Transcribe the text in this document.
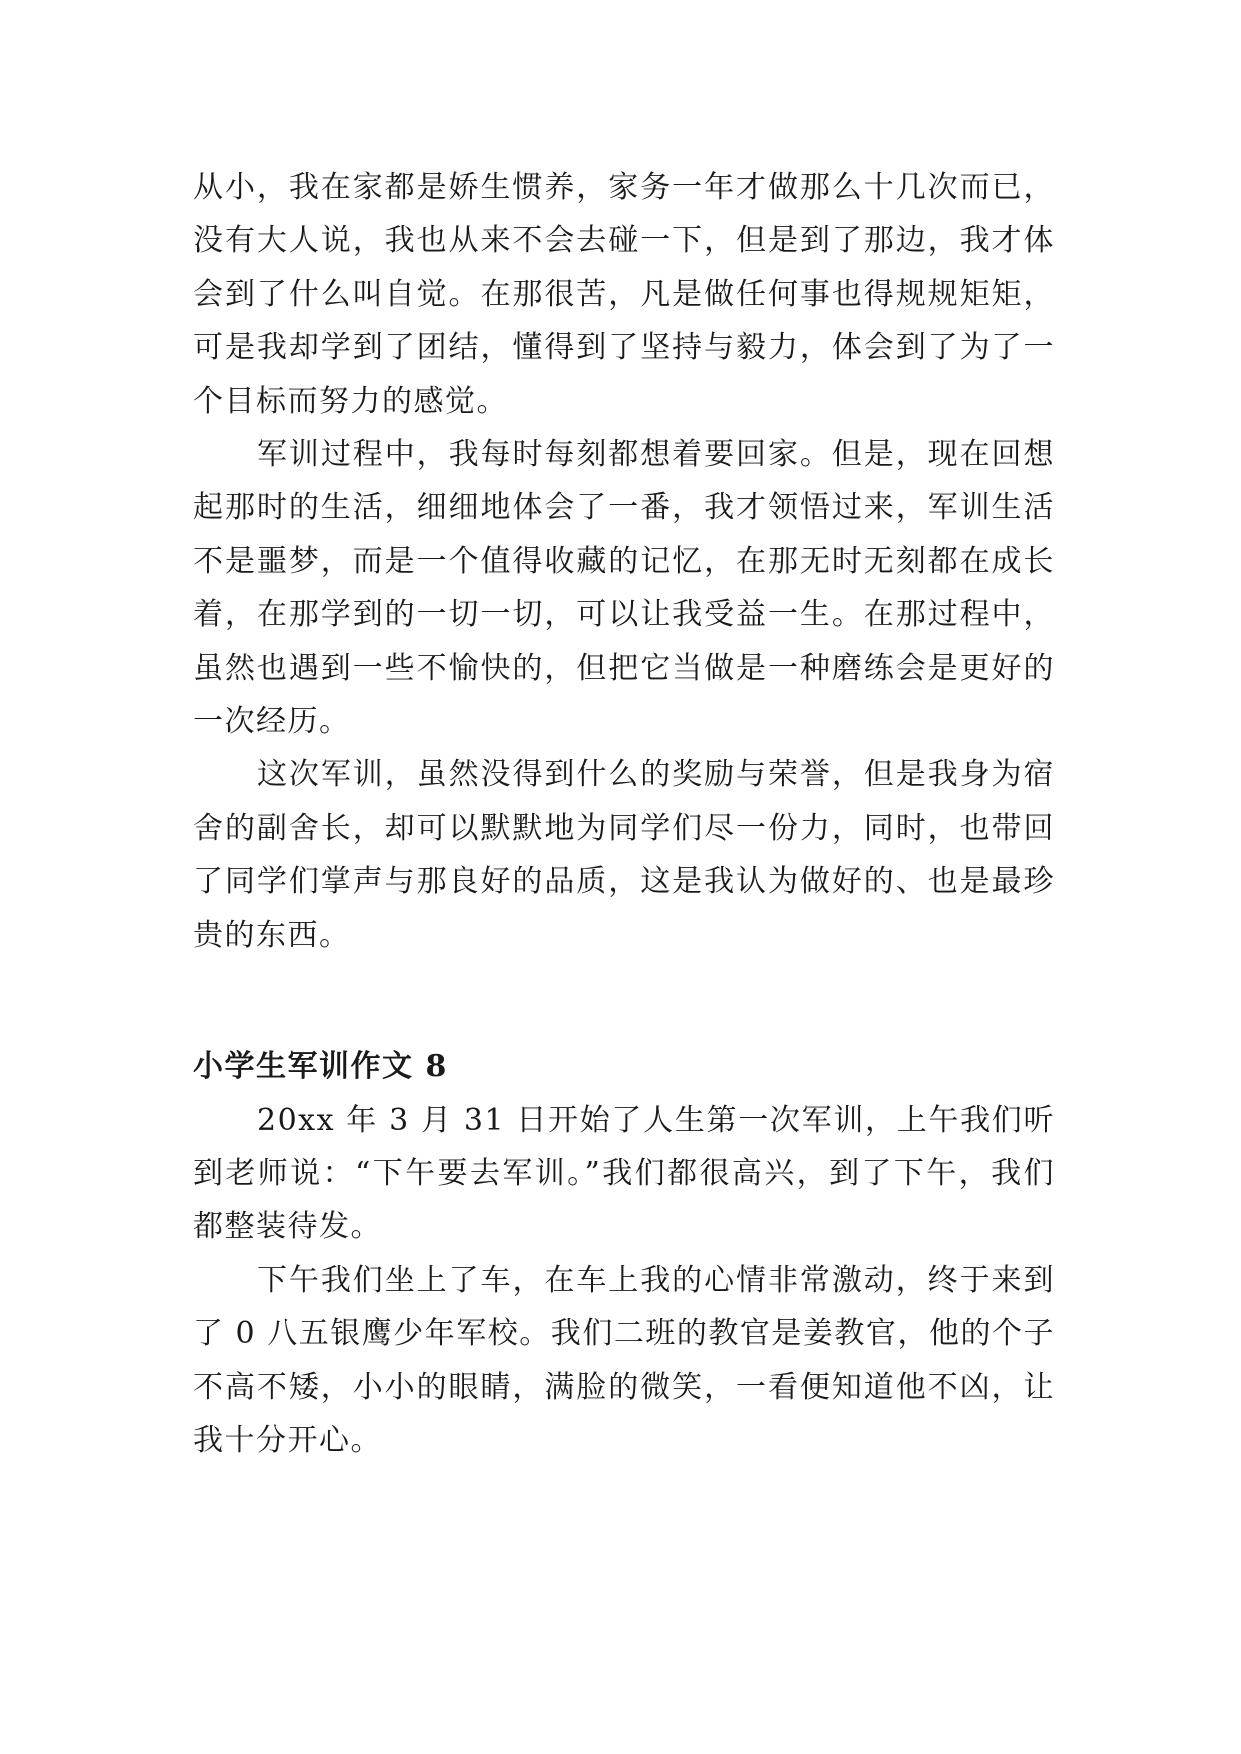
从小，我在家都是娇生惯养，家务一年才做那么十几次而已，没有大人说，我也从来不会去碰一下，但是到了那边，我才体会到了什么叫自觉。在那很苦，凡是做任何事也得规规矩矩，可是我却学到了团结，懂得到了坚持与毅力，体会到了为了一个目标而努力的感觉。

军训过程中，我每时每刻都想着要回家。但是，现在回想起那时的生活，细细地体会了一番，我才领悟过来，军训生活不是噩梦，而是一个值得收藏的记忆，在那无时无刻都在成长着，在那学到的一切一切，可以让我受益一生。在那过程中，虽然也遇到一些不愉快的，但把它当做是一种磨练会是更好的一次经历。

这次军训，虽然没得到什么的奖励与荣誉，但是我身为宿舍的副舍长，却可以默默地为同学们尽一份力，同时，也带回了同学们掌声与那良好的品质，这是我认为做好的、也是最珍贵的东西。

小学生军训作文 8

20xx 年 3 月 31 日开始了人生第一次军训，上午我们听到老师说：“下午要去军训。”我们都很高兴，到了下午，我们都整装待发。

下午我们坐上了车，在车上我的心情非常激动，终于来到了 0 八五银鹰少年军校。我们二班的教官是姜教官，他的个子不高不矮，小小的眼睛，满脸的微笑，一看便知道他不凶，让我十分开心。
